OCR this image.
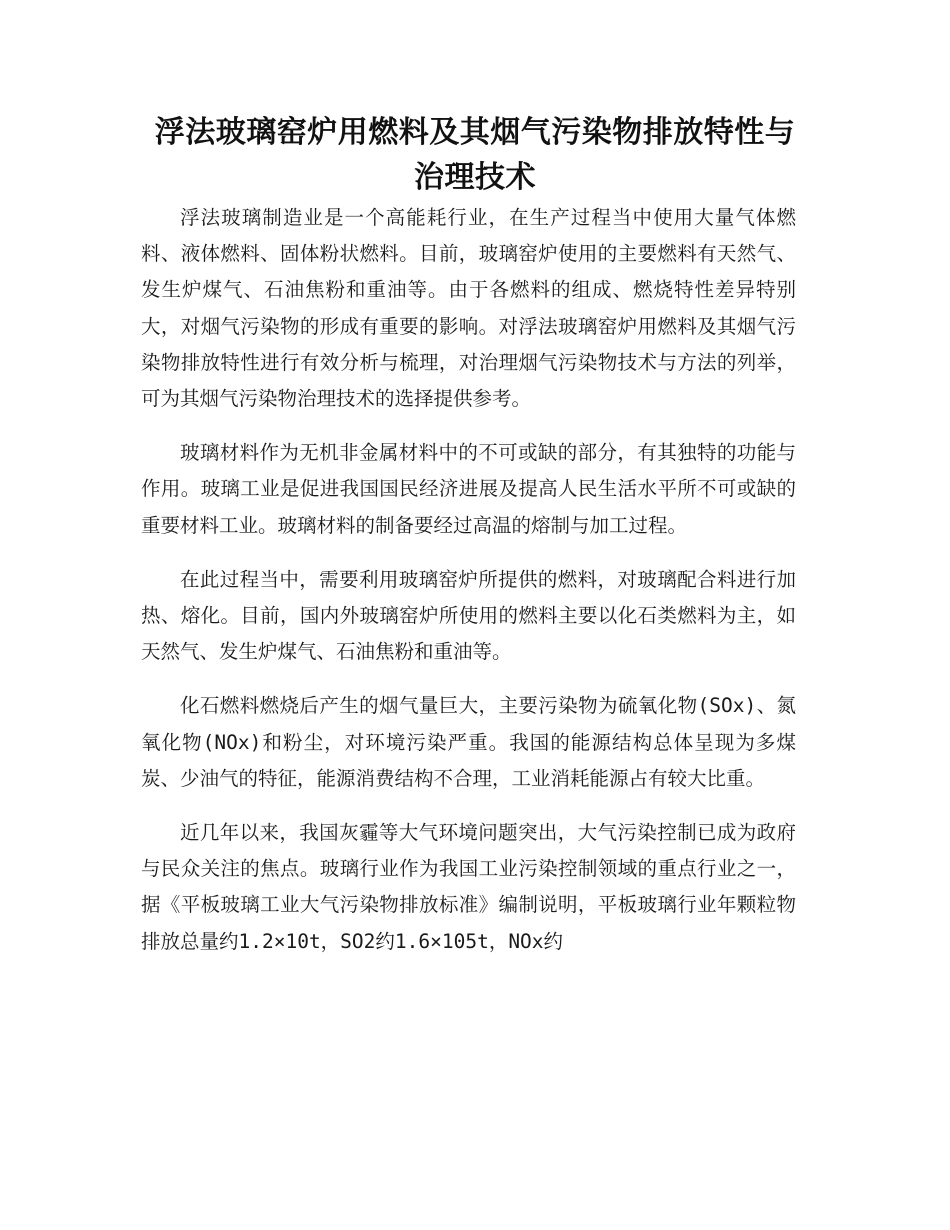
浮法玻璃窑炉用燃料及其烟气污染物排放特性与治理技术

浮法玻璃制造业是一个高能耗行业，在生产过程当中使用大量气体燃料、液体燃料、固体粉状燃料。目前，玻璃窑炉使用的主要燃料有天然气、发生炉煤气、石油焦粉和重油等。由于各燃料的组成、燃烧特性差异特别大，对烟气污染物的形成有重要的影响。对浮法玻璃窑炉用燃料及其烟气污染物排放特性进行有效分析与梳理，对治理烟气污染物技术与方法的列举，可为其烟气污染物治理技术的选择提供参考。

玻璃材料作为无机非金属材料中的不可或缺的部分，有其独特的功能与作用。玻璃工业是促进我国国民经济进展及提高人民生活水平所不可或缺的重要材料工业。玻璃材料的制备要经过高温的熔制与加工过程。

在此过程当中，需要利用玻璃窑炉所提供的燃料，对玻璃配合料进行加热、熔化。目前，国内外玻璃窑炉所使用的燃料主要以化石类燃料为主，如天然气、发生炉煤气、石油焦粉和重油等。

化石燃料燃烧后产生的烟气量巨大，主要污染物为硫氧化物(SOx)、氮氧化物(NOx)和粉尘，对环境污染严重。我国的能源结构总体呈现为多煤炭、少油气的特征，能源消费结构不合理，工业消耗能源占有较大比重。

近几年以来，我国灰霾等大气环境问题突出，大气污染控制已成为政府与民众关注的焦点。玻璃行业作为我国工业污染控制领域的重点行业之一，据《平板玻璃工业大气污染物排放标准》编制说明，平板玻璃行业年颗粒物排放总量约1.2×10t，SO2约1.6×105t，NOx约
